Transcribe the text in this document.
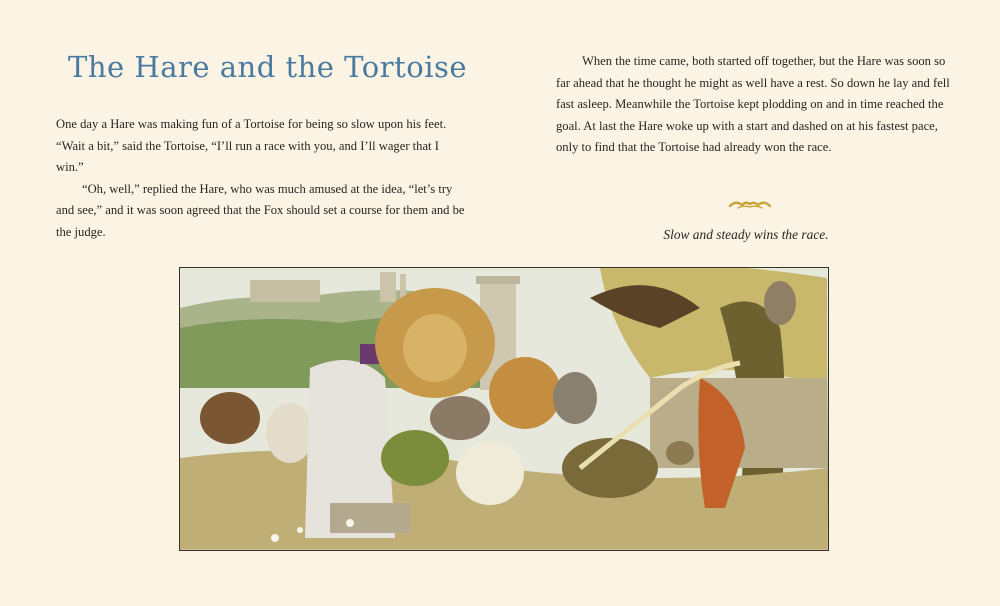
The Hare and the Tortoise

One day a Hare was making fun of a Tortoise for being so slow upon his feet. “Wait a bit,” said the Tortoise, “I’ll run a race with you, and I’ll wager that I win.”

“Oh, well,” replied the Hare, who was much amused at the idea, “let’s try and see,” and it was soon agreed that the Fox should set a course for them and be the judge.

When the time came, both started off together, but the Hare was soon so far ahead that he thought he might as well have a rest. So down he lay and fell fast asleep. Meanwhile the Tortoise kept plodding on and in time reached the goal. At last the Hare woke up with a start and dashed on at his fastest pace, only to find that the Tortoise had already won the race.

Slow and steady wins the race.
